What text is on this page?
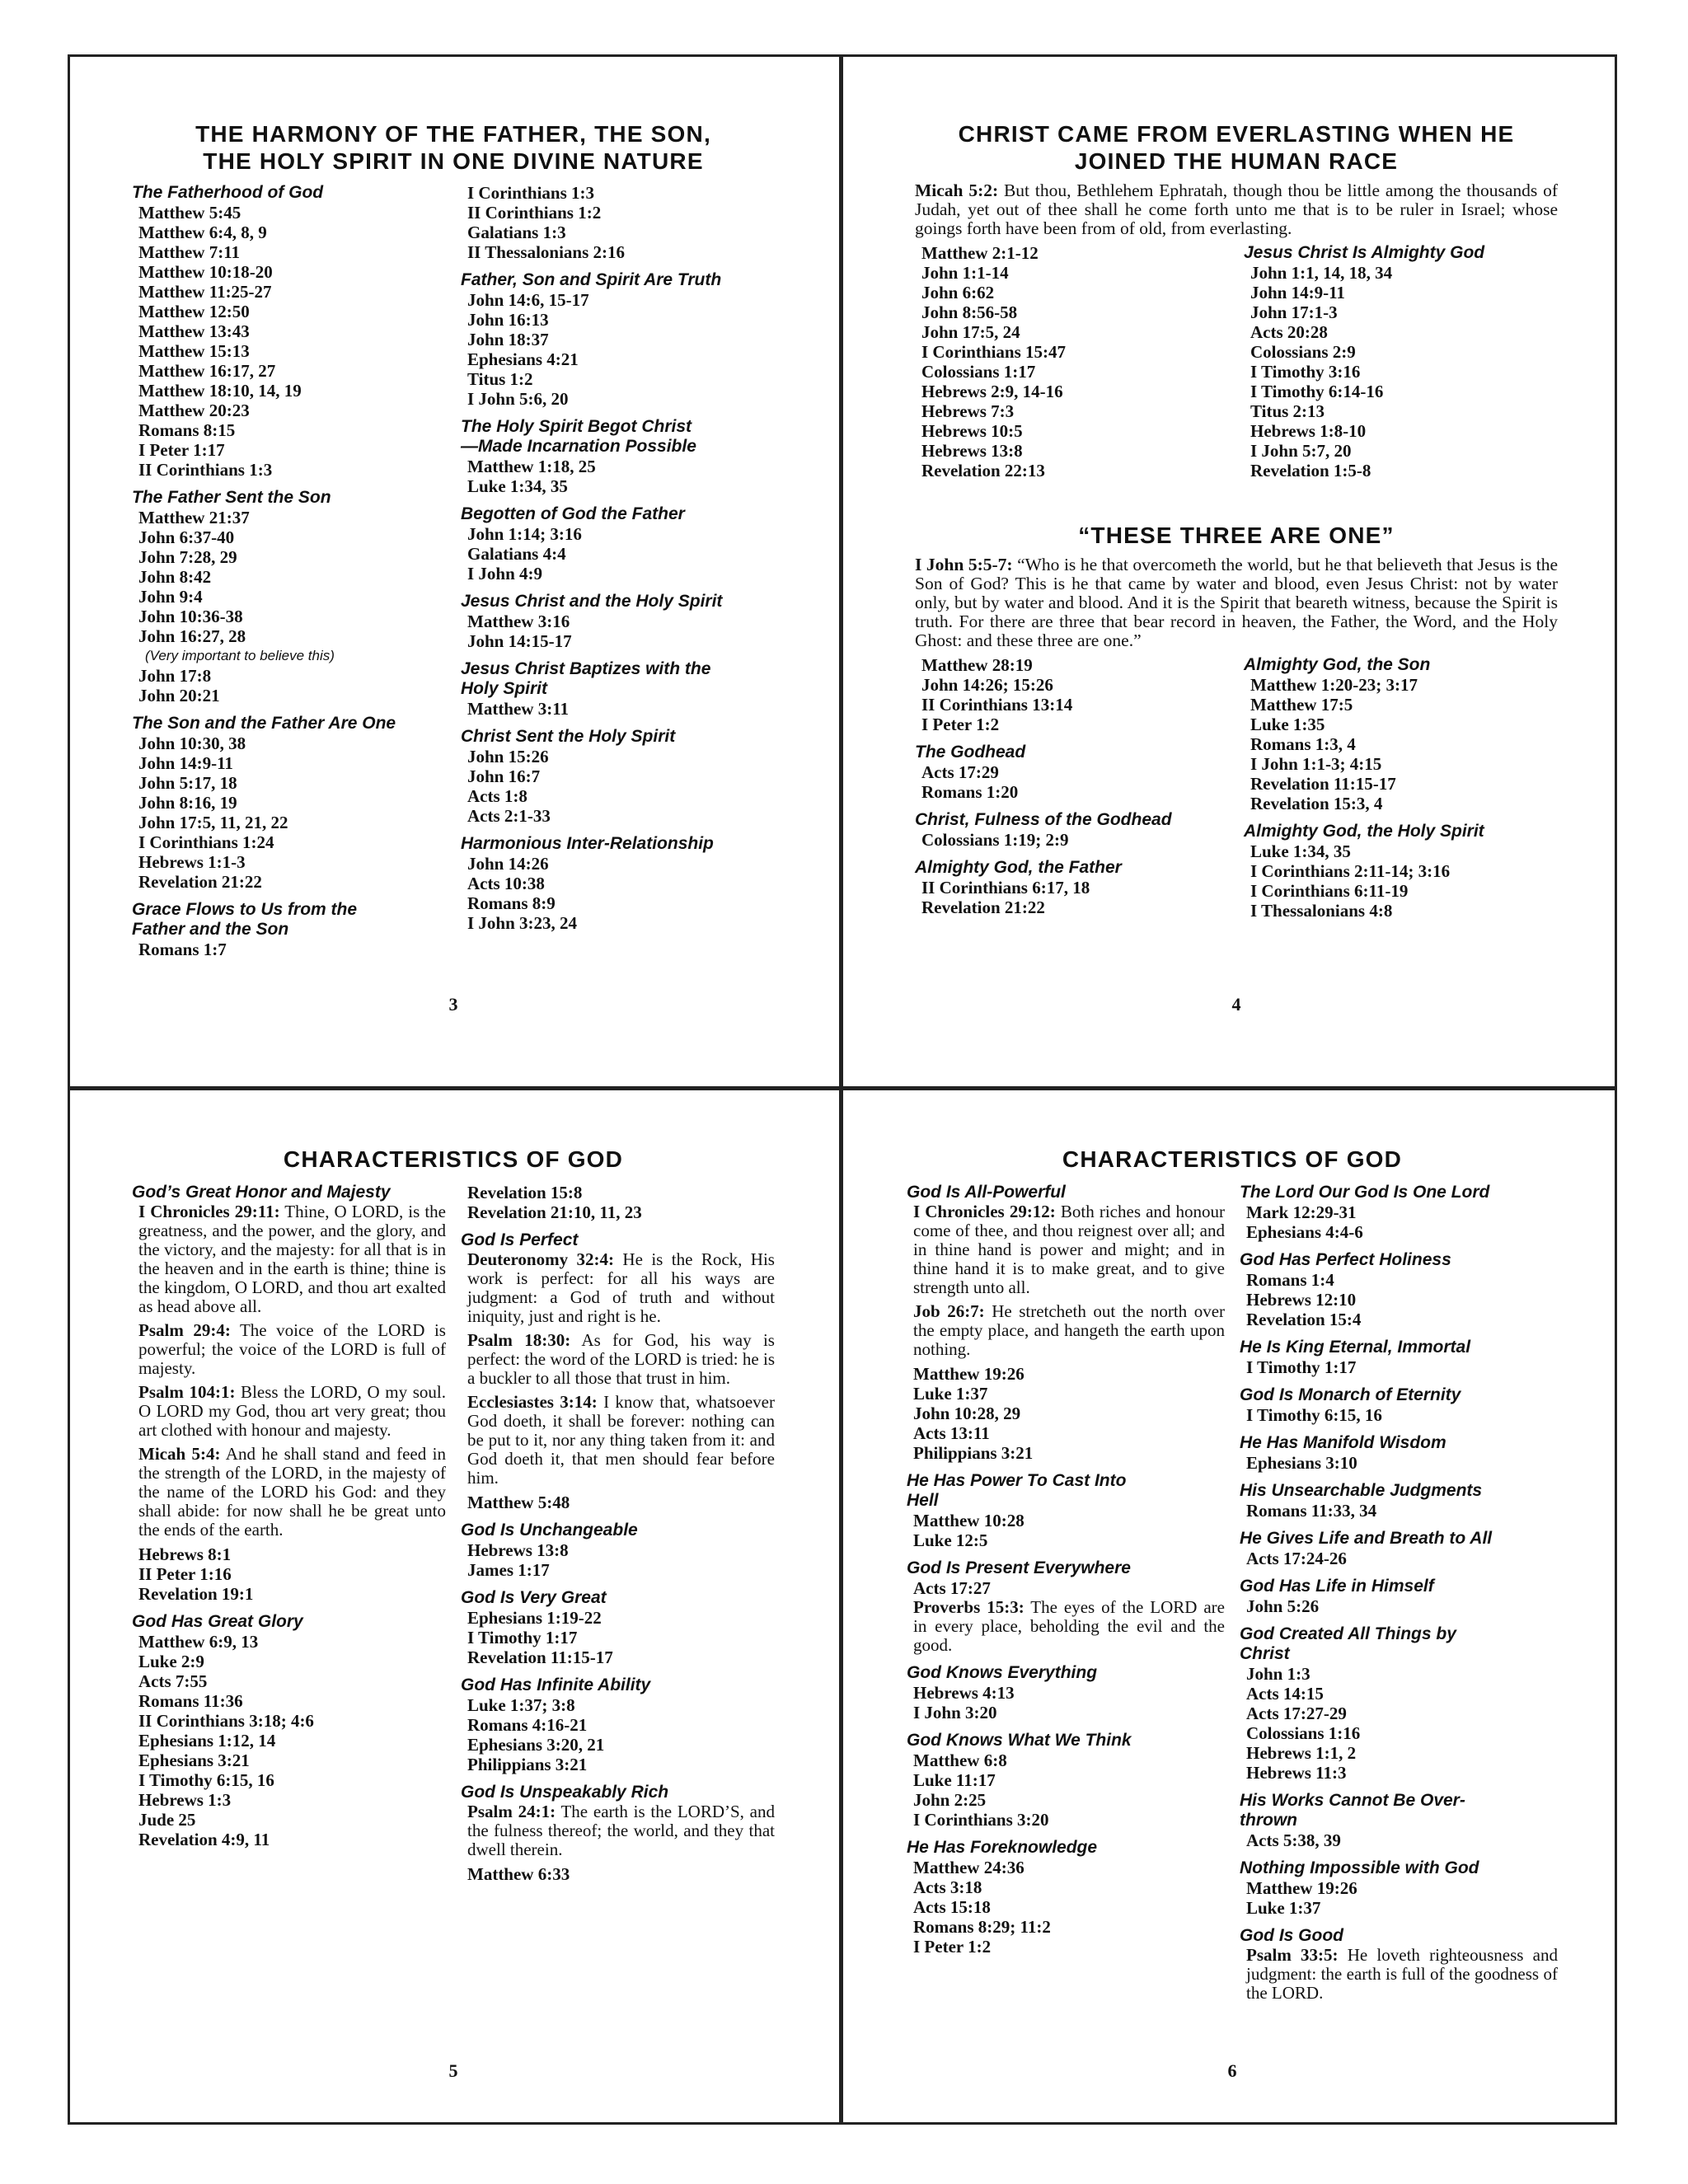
THE HARMONY OF THE FATHER, THE SON,
THE HOLY SPIRIT IN ONE DIVINE NATURE
The Fatherhood of God
Matthew 5:45
Matthew 6:4, 8, 9
Matthew 7:11
Matthew 10:18-20
Matthew 11:25-27
Matthew 12:50
Matthew 13:43
Matthew 15:13
Matthew 16:17, 27
Matthew 18:10, 14, 19
Matthew 20:23
Romans 8:15
I Peter 1:17
II Corinthians 1:3
The Father Sent the Son
Matthew 21:37
John 6:37-40
John 7:28, 29
John 8:42
John 9:4
John 10:36-38
John 16:27, 28
(Very important to believe this)
John 17:8
John 20:21
The Son and the Father Are One
John 10:30, 38
John 14:9-11
John 5:17, 18
John 8:16, 19
John 17:5, 11, 21, 22
I Corinthians 1:24
Hebrews 1:1-3
Revelation 21:22
Grace Flows to Us from the
Father and the Son
Romans 1:7
I Corinthians 1:3
II Corinthians 1:2
Galatians 1:3
II Thessalonians 2:16
Father, Son and Spirit Are Truth
John 14:6, 15-17
John 16:13
John 18:37
Ephesians 4:21
Titus 1:2
I John 5:6, 20
The Holy Spirit Begot Christ
—Made Incarnation Possible
Matthew 1:18, 25
Luke 1:34, 35
Begotten of God the Father
John 1:14; 3:16
Galatians 4:4
I John 4:9
Jesus Christ and the Holy Spirit
Matthew 3:16
John 14:15-17
Jesus Christ Baptizes with the
Holy Spirit
Matthew 3:11
Christ Sent the Holy Spirit
John 15:26
John 16:7
Acts 1:8
Acts 2:1-33
Harmonious Inter-Relationship
John 14:26
Acts 10:38
Romans 8:9
I John 3:23, 24
3
CHRIST CAME FROM EVERLASTING WHEN HE
JOINED THE HUMAN RACE
Micah 5:2: But thou, Bethlehem Ephratah, though thou be little among the thousands of Judah, yet out of thee shall he come forth unto me that is to be ruler in Israel; whose goings forth have been from of old, from everlasting.
Matthew 2:1-12
John 1:1-14
John 6:62
John 8:56-58
John 17:5, 24
I Corinthians 15:47
Colossians 1:17
Hebrews 2:9, 14-16
Hebrews 7:3
Hebrews 10:5
Hebrews 13:8
Revelation 22:13
Jesus Christ Is Almighty God
John 1:1, 14, 18, 34
John 14:9-11
John 17:1-3
Acts 20:28
Colossians 2:9
I Timothy 3:16
I Timothy 6:14-16
Titus 2:13
Hebrews 1:8-10
I John 5:7, 20
Revelation 1:5-8
“THESE THREE ARE ONE”
I John 5:5-7: “Who is he that overcometh the world, but he that believeth that Jesus is the Son of God? This is he that came by water and blood, even Jesus Christ: not by water only, but by water and blood. And it is the Spirit that beareth witness, because the Spirit is truth. For there are three that bear record in heaven, the Father, the Word, and the Holy Ghost: and these three are one.”
Matthew 28:19
John 14:26; 15:26
II Corinthians 13:14
I Peter 1:2
The Godhead
Acts 17:29
Romans 1:20
Christ, Fulness of the Godhead
Colossians 1:19; 2:9
Almighty God, the Father
II Corinthians 6:17, 18
Revelation 21:22
Almighty God, the Son
Matthew 1:20-23; 3:17
Matthew 17:5
Luke 1:35
Romans 1:3, 4
I John 1:1-3; 4:15
Revelation 11:15-17
Revelation 15:3, 4
Almighty God, the Holy Spirit
Luke 1:34, 35
I Corinthians 2:11-14; 3:16
I Corinthians 6:11-19
I Thessalonians 4:8
4
CHARACTERISTICS OF GOD
God’s Great Honor and Majesty
I Chronicles 29:11: Thine, O LORD, is the greatness, and the power, and the glory, and the victory, and the majesty: for all that is in the heaven and in the earth is thine; thine is the kingdom, O LORD, and thou art exalted as head above all.
Psalm 29:4: The voice of the LORD is powerful; the voice of the LORD is full of majesty.
Psalm 104:1: Bless the LORD, O my soul. O LORD my God, thou art very great; thou art clothed with honour and majesty.
Micah 5:4: And he shall stand and feed in the strength of the LORD, in the majesty of the name of the LORD his God: and they shall abide: for now shall he be great unto the ends of the earth.
Hebrews 8:1
II Peter 1:16
Revelation 19:1
God Has Great Glory
Matthew 6:9, 13
Luke 2:9
Acts 7:55
Romans 11:36
II Corinthians 3:18; 4:6
Ephesians 1:12, 14
Ephesians 3:21
I Timothy 6:15, 16
Hebrews 1:3
Jude 25
Revelation 4:9, 11
Revelation 15:8
Revelation 21:10, 11, 23
God Is Perfect
Deuteronomy 32:4: He is the Rock, His work is perfect: for all his ways are judgment: a God of truth and without iniquity, just and right is he.
Psalm 18:30: As for God, his way is perfect: the word of the LORD is tried: he is a buckler to all those that trust in him.
Ecclesiastes 3:14: I know that, whatsoever God doeth, it shall be forever: nothing can be put to it, nor any thing taken from it: and God doeth it, that men should fear before him.
Matthew 5:48
God Is Unchangeable
Hebrews 13:8
James 1:17
God Is Very Great
Ephesians 1:19-22
I Timothy 1:17
Revelation 11:15-17
God Has Infinite Ability
Luke 1:37; 3:8
Romans 4:16-21
Ephesians 3:20, 21
Philippians 3:21
God Is Unspeakably Rich
Psalm 24:1: The earth is the LORD’S, and the fulness thereof; the world, and they that dwell therein.
Matthew 6:33
5
CHARACTERISTICS OF GOD
God Is All-Powerful
I Chronicles 29:12: Both riches and honour come of thee, and thou reignest over all; and in thine hand is power and might; and in thine hand it is to make great, and to give strength unto all.
Job 26:7: He stretcheth out the north over the empty place, and hangeth the earth upon nothing.
Matthew 19:26
Luke 1:37
John 10:28, 29
Acts 13:11
Philippians 3:21
He Has Power To Cast Into
Hell
Matthew 10:28
Luke 12:5
God Is Present Everywhere
Acts 17:27
Proverbs 15:3: The eyes of the LORD are in every place, beholding the evil and the good.
God Knows Everything
Hebrews 4:13
I John 3:20
God Knows What We Think
Matthew 6:8
Luke 11:17
John 2:25
I Corinthians 3:20
He Has Foreknowledge
Matthew 24:36
Acts 3:18
Acts 15:18
Romans 8:29; 11:2
I Peter 1:2
The Lord Our God Is One Lord
Mark 12:29-31
Ephesians 4:4-6
God Has Perfect Holiness
Romans 1:4
Hebrews 12:10
Revelation 15:4
He Is King Eternal, Immortal
I Timothy 1:17
God Is Monarch of Eternity
I Timothy 6:15, 16
He Has Manifold Wisdom
Ephesians 3:10
His Unsearchable Judgments
Romans 11:33, 34
He Gives Life and Breath to All
Acts 17:24-26
God Has Life in Himself
John 5:26
God Created All Things by
Christ
John 1:3
Acts 14:15
Acts 17:27-29
Colossians 1:16
Hebrews 1:1, 2
Hebrews 11:3
His Works Cannot Be Over-
thrown
Acts 5:38, 39
Nothing Impossible with God
Matthew 19:26
Luke 1:37
God Is Good
Psalm 33:5: He loveth righteousness and judgment: the earth is full of the goodness of the LORD.
6
